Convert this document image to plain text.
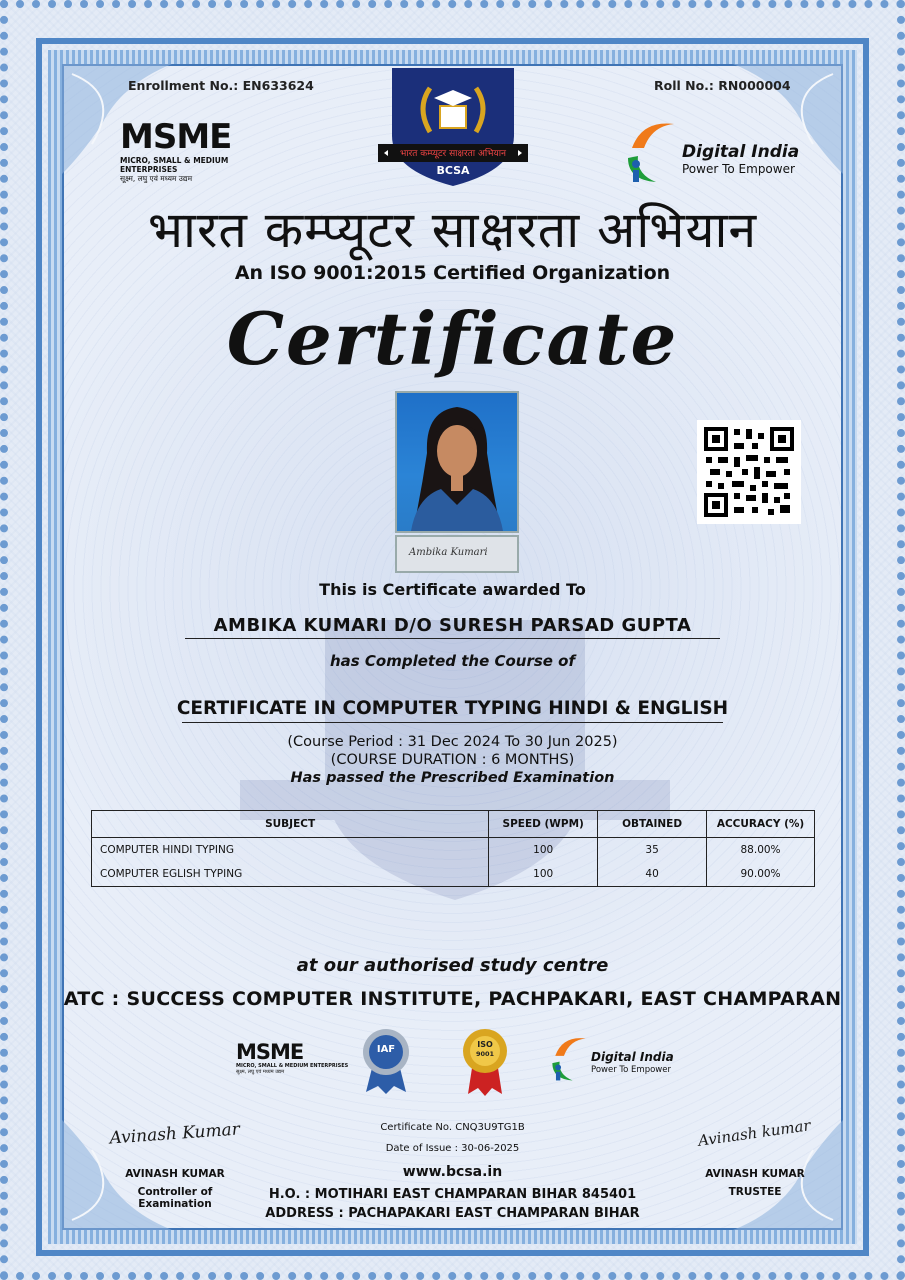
Enrollment No.: EN633624	Roll No.: RN000004
भारत कम्प्यूटर साक्षरता अभियान
BCSA
MSME
MICRO, SMALL & MEDIUM ENTERPRISES
सूक्ष्म, लघु एवं मध्यम उद्यम
Digital India
Power To Empower
भारत कम्प्यूटर साक्षरता अभियान
An ISO 9001:2015 Certified Organization
Certificate
Ambika Kumari
This is Certificate awarded To
AMBIKA KUMARI D/O SURESH PARSAD GUPTA
has Completed the Course of
CERTIFICATE IN COMPUTER TYPING HINDI & ENGLISH
(Course Period : 31 Dec 2024 To 30 Jun 2025)
(COURSE DURATION : 6 MONTHS)
Has passed the Prescribed Examination
SUBJECT	SPEED (WPM)	OBTAINED	ACCURACY (%)
COMPUTER HINDI TYPING	100	35	88.00%
COMPUTER EGLISH TYPING	100	40	90.00%
at our authorised study centre
ATC : SUCCESS COMPUTER INSTITUTE, PACHPAKARI, EAST CHAMPARAN
MSME
MICRO, SMALL & MEDIUM ENTERPRISES
सूक्ष्म, लघु एवं मध्यम उद्यम
IAF	ISO
9001	Digital India
Power To Empower
Certificate No. CNQ3U9TG1B
Date of Issue : 30-06-2025
www.bcsa.in
H.O. : MOTIHARI EAST CHAMPARAN BIHAR 845401
ADDRESS : PACHAPAKARI EAST CHAMPARAN BIHAR
Avinash Kumar
AVINASH KUMAR
Controller of Examination
Avinash kumar
AVINASH KUMAR
TRUSTEE
